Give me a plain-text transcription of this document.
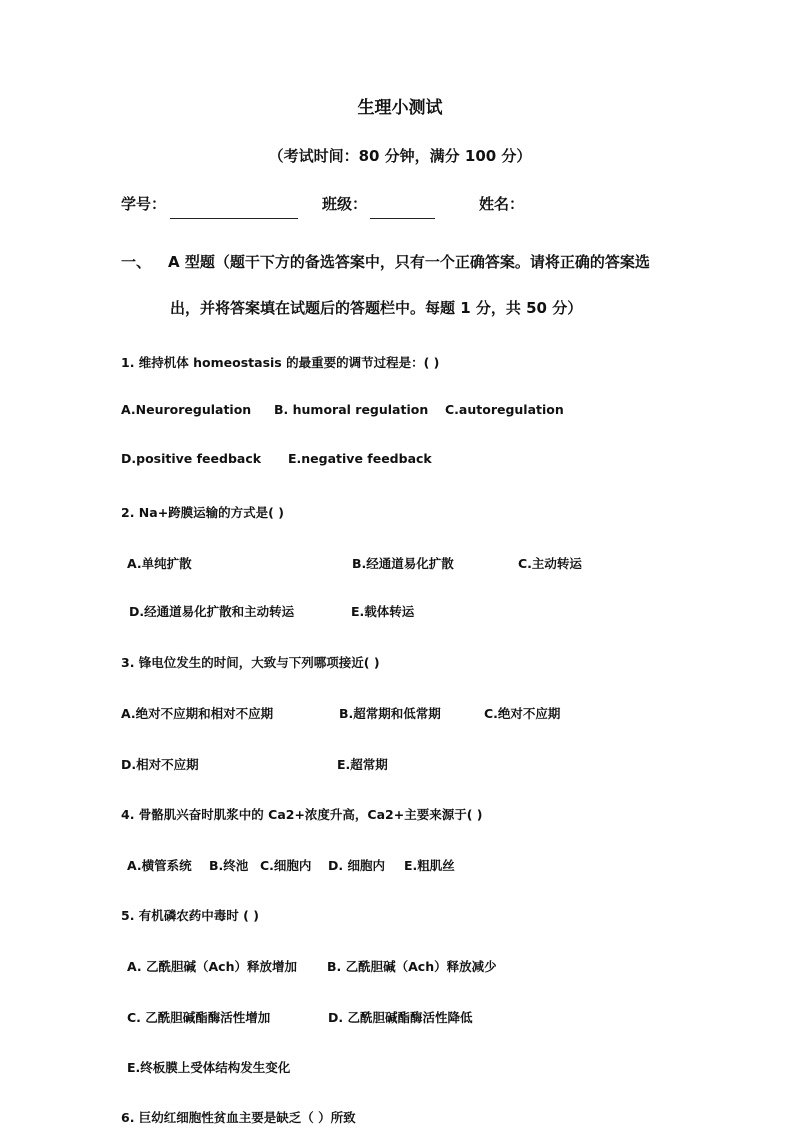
生理小测试
（考试时间：80 分钟，满分 100 分）
学号：	班级：	姓名：
一、 A 型题（题干下方的备选答案中，只有一个正确答案。请将正确的答案选
出，并将答案填在试题后的答题栏中。每题 1 分，共 50 分）
1. 维持机体 homeostasis 的最重要的调节过程是：( )
A.Neuroregulation B. humoral regulation C.autoregulation
D.positive feedback E.negative feedback
2. Na+跨膜运输的方式是( )
A.单纯扩散	B.经通道易化扩散	C.主动转运
D.经通道易化扩散和主动转运	E.载体转运
3. 锋电位发生的时间，大致与下列哪项接近( )
A.绝对不应期和相对不应期	B.超常期和低常期	C.绝对不应期
D.相对不应期	E.超常期
4. 骨骼肌兴奋时肌浆中的 Ca2+浓度升高，Ca2+主要来源于( )
A.横管系统 B.终池 C.细胞内 D. 细胞内 E.粗肌丝
5. 有机磷农药中毒时 ( )
A. 乙酰胆碱（Ach）释放增加 B. 乙酰胆碱（Ach）释放减少
C. 乙酰胆碱酯酶活性增加	D. 乙酰胆碱酯酶活性降低
E.终板膜上受体结构发生变化
6. 巨幼红细胞性贫血主要是缺乏（ ）所致
